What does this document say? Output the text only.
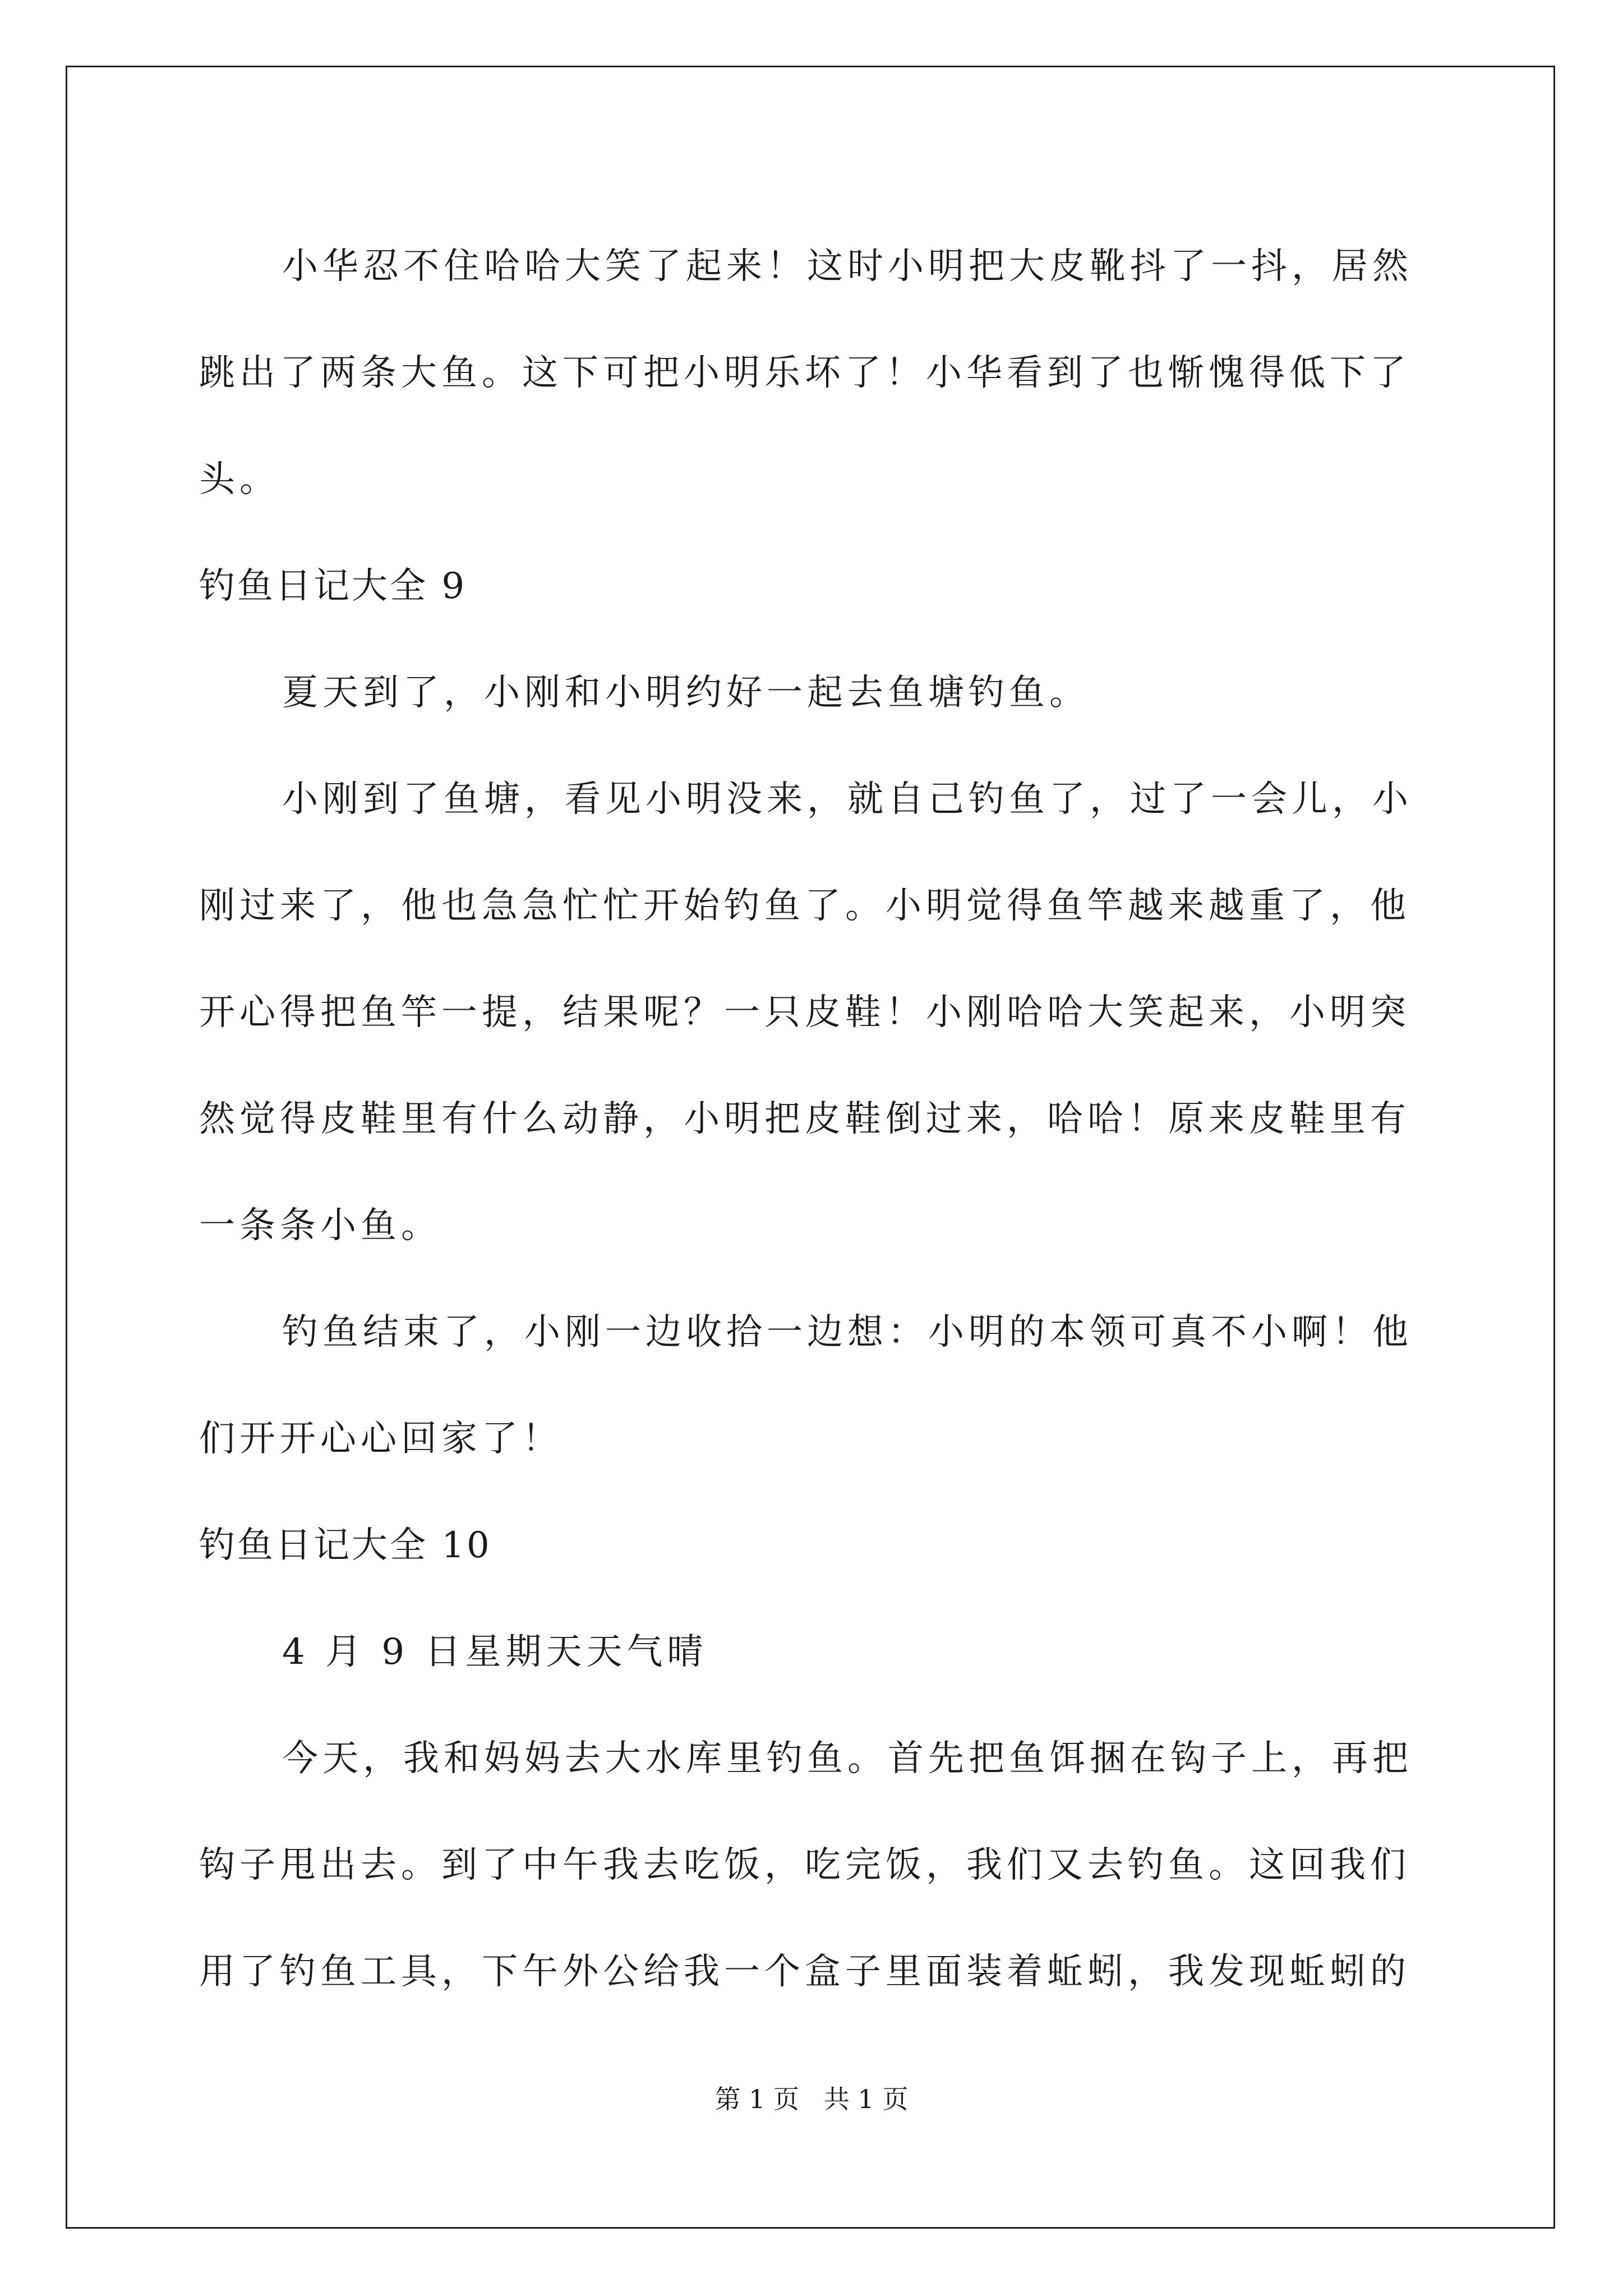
小华忍不住哈哈大笑了起来！这时小明把大皮靴抖了一抖，居然
跳出了两条大鱼。这下可把小明乐坏了！小华看到了也惭愧得低下了
头。
钓鱼日记大全 9
夏天到了，小刚和小明约好一起去鱼塘钓鱼。
小刚到了鱼塘，看见小明没来，就自己钓鱼了，过了一会儿，小
刚过来了，他也急急忙忙开始钓鱼了。小明觉得鱼竿越来越重了，他
开心得把鱼竿一提，结果呢？一只皮鞋！小刚哈哈大笑起来，小明突
然觉得皮鞋里有什么动静，小明把皮鞋倒过来，哈哈！原来皮鞋里有
一条条小鱼。
钓鱼结束了，小刚一边收拾一边想：小明的本领可真不小啊！他
们开开心心回家了！
钓鱼日记大全 10
4 月 9 日星期天天气晴
今天，我和妈妈去大水库里钓鱼。首先把鱼饵捆在钩子上，再把
钩子甩出去。到了中午我去吃饭，吃完饭，我们又去钓鱼。这回我们
用了钓鱼工具，下午外公给我一个盒子里面装着蚯蚓，我发现蚯蚓的
第 1 页   共 1 页
